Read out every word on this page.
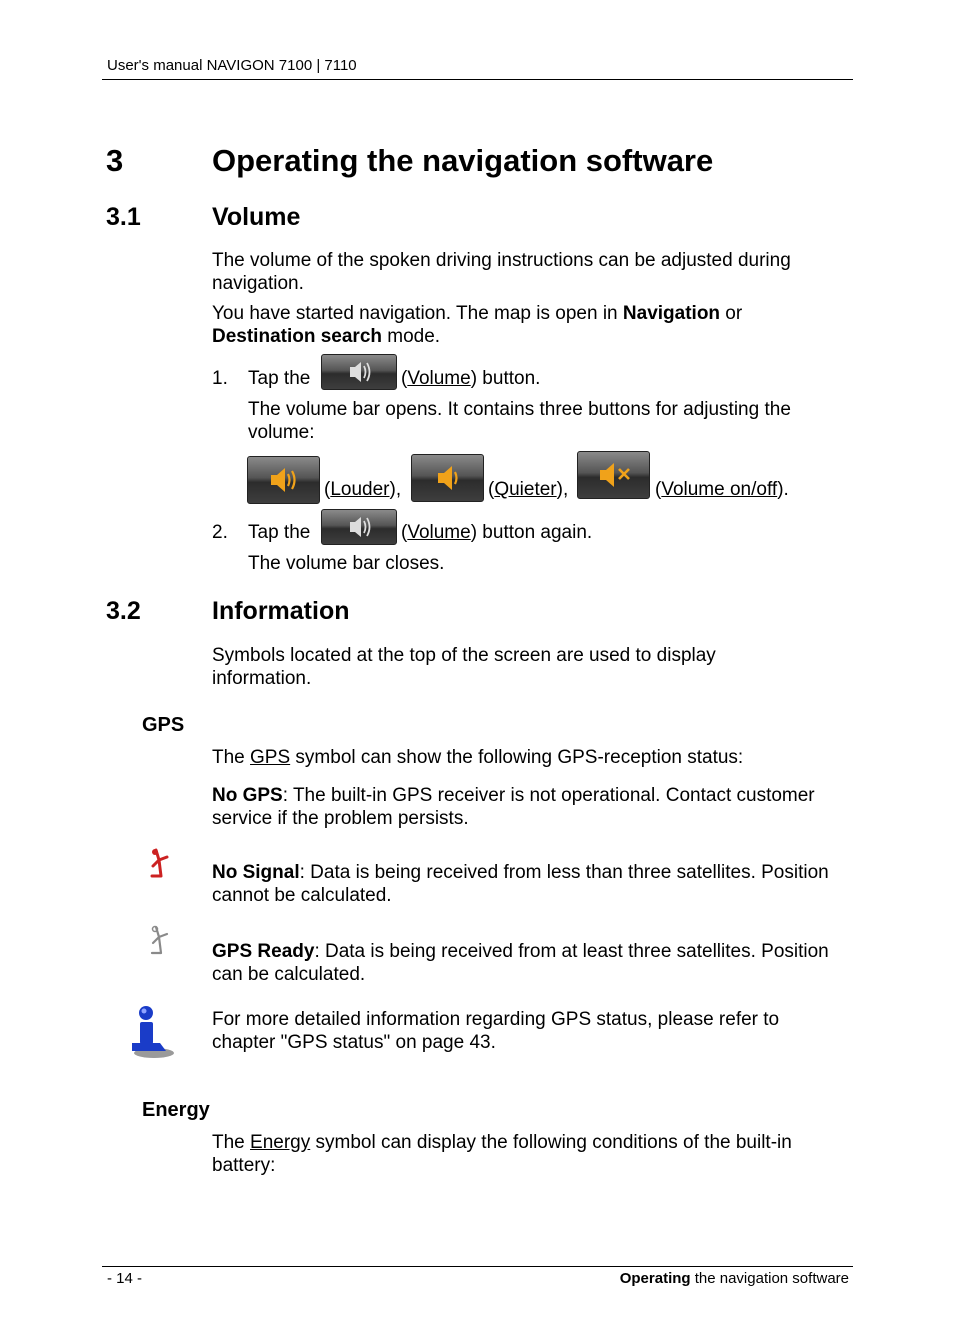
User's manual NAVIGON 7100 | 7110
3	Operating the navigation software
3.1	Volume
The volume of the spoken driving instructions can be adjusted during navigation.
You have started navigation. The map is open in Navigation or Destination search mode.
1. Tap the	(Volume) button.
The volume bar opens. It contains three buttons for adjusting the volume:
(Louder),	(Quieter),	(Volume on/off).
2. Tap the	(Volume) button again.
The volume bar closes.
3.2	Information
Symbols located at the top of the screen are used to display information.
GPS
The GPS symbol can show the following GPS-reception status:
No GPS: The built-in GPS receiver is not operational. Contact customer service if the problem persists.
No Signal: Data is being received from less than three satellites. Position cannot be calculated.
GPS Ready: Data is being received from at least three satellites. Position can be calculated.
For more detailed information regarding GPS status, please refer to chapter "GPS status" on page 43.
Energy
The Energy symbol can display the following conditions of the built-in battery:
- 14 -	Operating the navigation software
